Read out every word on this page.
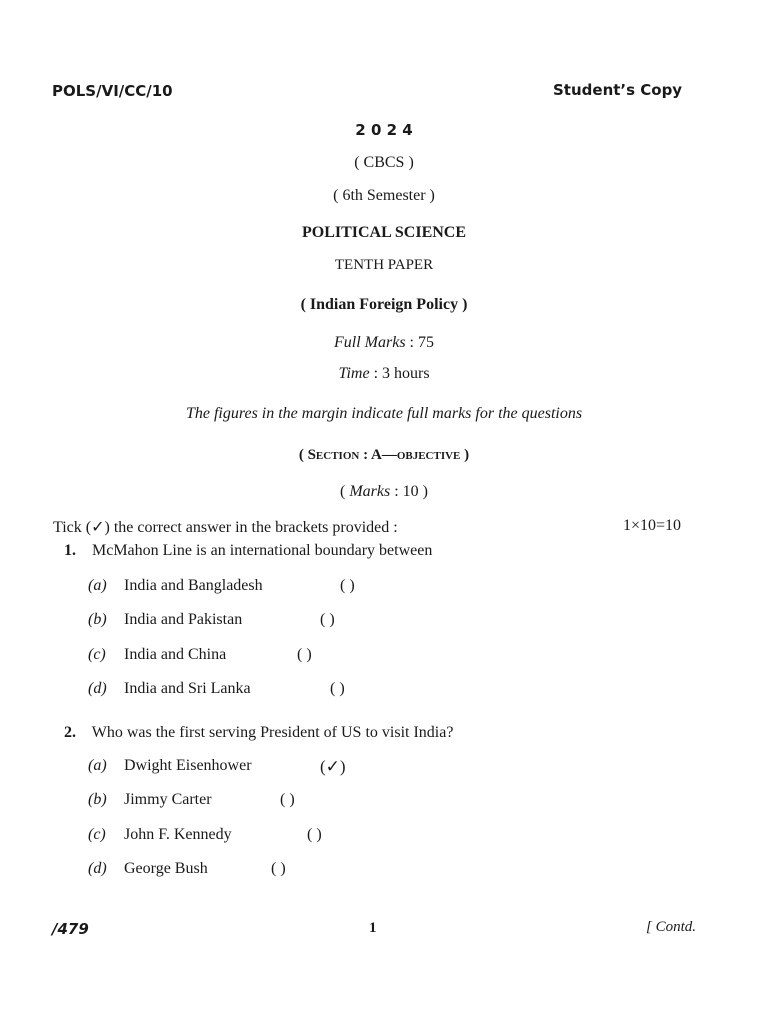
POLS/VI/CC/10	Student’s Copy
2 0 2 4
( CBCS )
( 6th Semester )
POLITICAL SCIENCE
TENTH PAPER
( Indian Foreign Policy )
Full Marks : 75
Time : 3 hours
The figures in the margin indicate full marks for the questions
( Section : A—objective )
( Marks : 10 )
Tick (✓) the correct answer in the brackets provided :	1×10=10
1. McMahon Line is an international boundary between
(a) India and Bangladesh	( )
(b) India and Pakistan	( )
(c) India and China	( )
(d) India and Sri Lanka	( )
2. Who was the first serving President of US to visit India?
(a) Dwight Eisenhower	(✓)
(b) Jimmy Carter	( )
(c) John F. Kennedy	( )
(d) George Bush	( )
/479	1	[ Contd.
